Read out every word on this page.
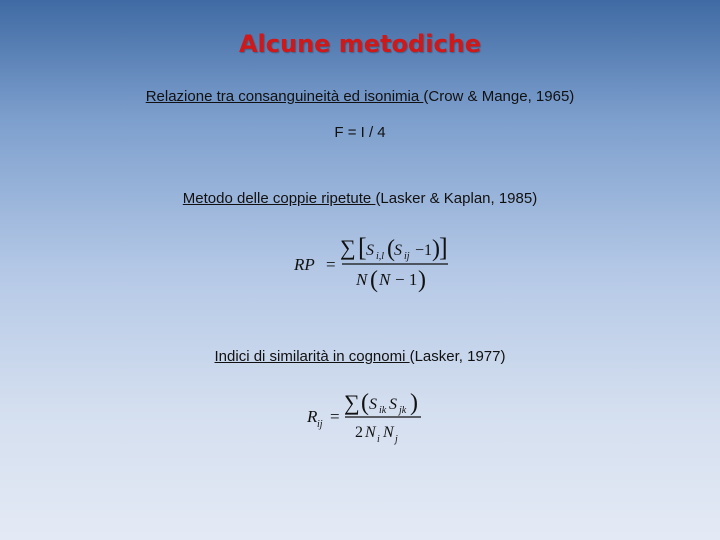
Alcune metodiche
Relazione tra consanguineità ed isonimia (Crow & Mange, 1965)
F = I / 4
Metodo delle coppie ripetute (Lasker & Kaplan, 1985)
RP =
∑ [ S i,l ( S ij −1 ) ]
N ( N − 1 )
Indici di similarità in cognomi (Lasker, 1977)
R ij =
∑ ( S ik S jk )
2 N i N j
